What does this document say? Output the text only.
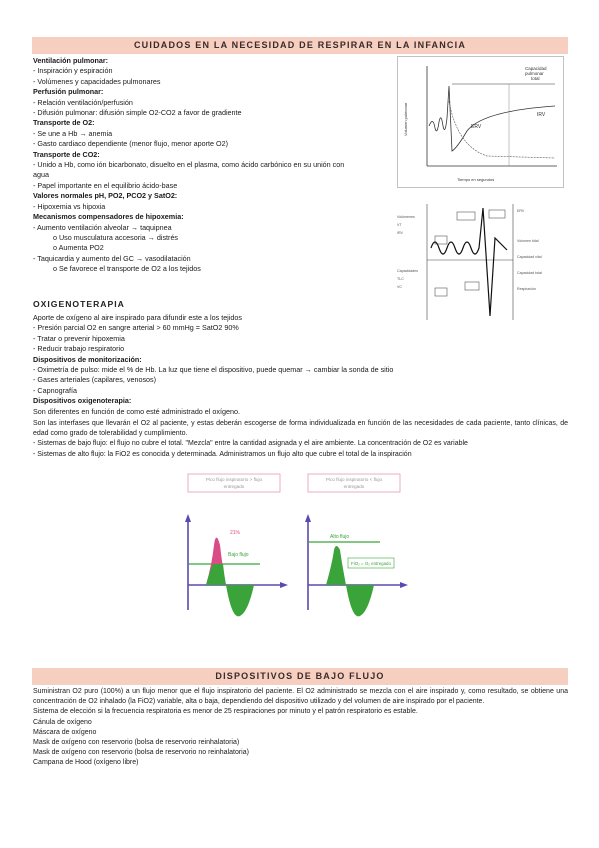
CUIDADOS EN LA NECESIDAD DE RESPIRAR EN LA INFANCIA
Ventilación pulmonar:
- Inspiración y espiración
- Volúmenes y capacidades pulmonares
Perfusión pulmonar:
- Relación ventilación/perfusión
- Difusión pulmonar: difusión simple O2-CO2 a favor de gradiente
Transporte de O2:
- Se une a Hb → anemia
- Gasto cardiaco dependiente (menor flujo, menor aporte O2)
Transporte de CO2:
- Unido a Hb, como ión bicarbonato, disuelto en el plasma, como ácido carbónico en su unión con
agua
- Papel importante en el equilibrio ácido-base
Valores normales pH, PO2, PCO2 y SatO2:
- Hipoxemia vs hipoxia
Mecanismos compensadores de hipoxemia:
- Aumento ventilación alveolar → taquipnea
o Uso musculatura accesoria → distrés
o Aumenta PO2
- Taquicardia y aumento del GC → vasodilatación
o Se favorece el transporte de O2 a los tejidos
Capacidad
pulmonar
total
ERV
IRV
Volumen pulmonar
Tiempo en segundos
Volúmenes
VT
IRV
Capacidades
TLC
VC
ERV
Volumen tidal
Capacidad vital
Capacidad total
Respiración
OXIGENOTERAPIA
Aporte de oxígeno al aire inspirado para difundir este a los tejidos
- Presión parcial O2 en sangre arterial > 60 mmHg = SatO2 90%
- Tratar o prevenir hipoxemia
- Reducir trabajo respiratorio
Dispositivos de monitorización:
- Oximetría de pulso: mide el % de Hb. La luz que tiene el dispositivo, puede quemar → cambiar la sonda de sitio
- Gases arteriales (capilares, venosos)
- Capnografía
Dispositivos oxigenoterapia:
Son diferentes en función de como esté administrado el oxígeno.
Son las interfases que llevarán el O2 al paciente, y estas deberán escogerse de forma individualizada en función de las necesidades de cada paciente, tanto clínicas, de edad como grado de tolerabilidad y cumplimiento.
- Sistemas de bajo flujo: el flujo no cubre el total. "Mezcla" entre la cantidad asignada y el aire ambiente. La concentración de O2 es variable
- Sistemas de alto flujo: la FiO2 es conocida y determinada. Administramos un flujo alto que cubre el total de la inspiración
Pico flujo inspiratorio > flujo
entregado
Pico flujo inspiratorio < flujo
entregado
21%
Bajo flujo
Alto flujo
FiO₂ = O₂ entregado
DISPOSITIVOS DE BAJO FLUJO
Suministran O2 puro (100%) a un flujo menor que el flujo inspiratorio del paciente. El O2 administrado se mezcla con el aire inspirado y, como resultado, se obtiene una concentración de O2 inhalado (la FiO2) variable, alta o baja, dependiendo del dispositivo utilizado y del volumen de aire inspirado por el paciente.
Sistema de elección si la frecuencia respiratoria es menor de 25 respiraciones por minuto y el patrón respiratorio es estable.
Cánula de oxígeno
Máscara de oxígeno
Mask de oxígeno con reservorio (bolsa de reservorio reinhalatoria)
Mask de oxígeno con reservorio (bolsa de reservorio no reinhalatoria)
Campana de Hood (oxígeno libre)
